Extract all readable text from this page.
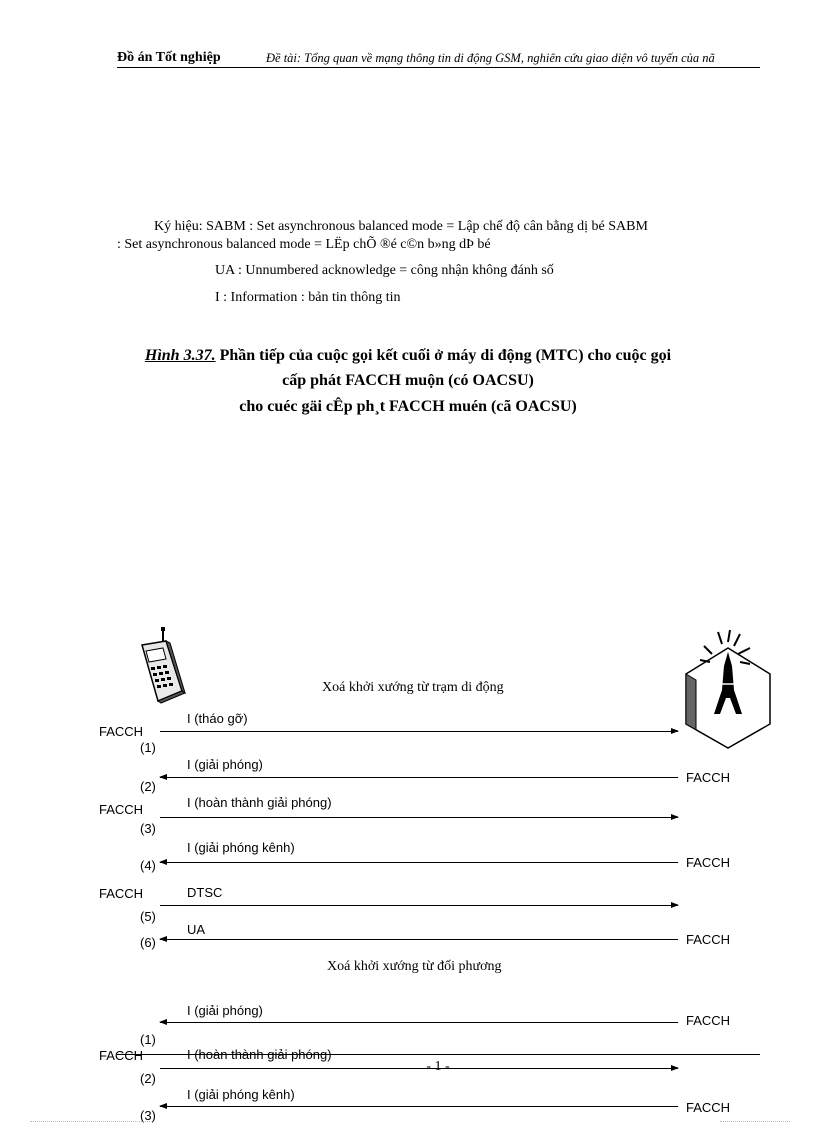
Đồ án Tốt nghiệp	Đề tài: Tổng quan về mạng thông tin di động GSM, nghiên cứu giao diện vô tuyến của nã
Ký hiệu: SABM : Set asynchronous balanced mode = Lập chế độ cân bằng dị bé SABM
: Set asynchronous balanced mode = LËp chÕ ®é c©n b»ng dÞ bé
UA : Unnumbered acknowledge = công nhận không đánh số
I : Information : bản tin thông tin
Hình 3.37. Phần tiếp của cuộc gọi kết cuối ở máy di động (MTC) cho cuộc gọi
cấp phát FACCH muộn (có OACSU)
cho cuéc gäi cÊp ph¸t FACCH muén (cã OACSU)
Xoá khởi xướng từ trạm di động
FACCH
I (tháo gỡ)
(1)
I (giải phóng)
(2)
FACCH
FACCH	I (hoàn thành giải phóng)
(3)
I (giải phóng kênh)
(4)	FACCH
FACCH	DTSC
(5)
UA
(6)	FACCH
Xoá khởi xướng từ đối phương
I (giải phóng)
FACCH
(1)
FACCH	I (hoàn thành giải phóng)
(2)
- 1 -
I (giải phóng kênh)
(3)
FACCH
